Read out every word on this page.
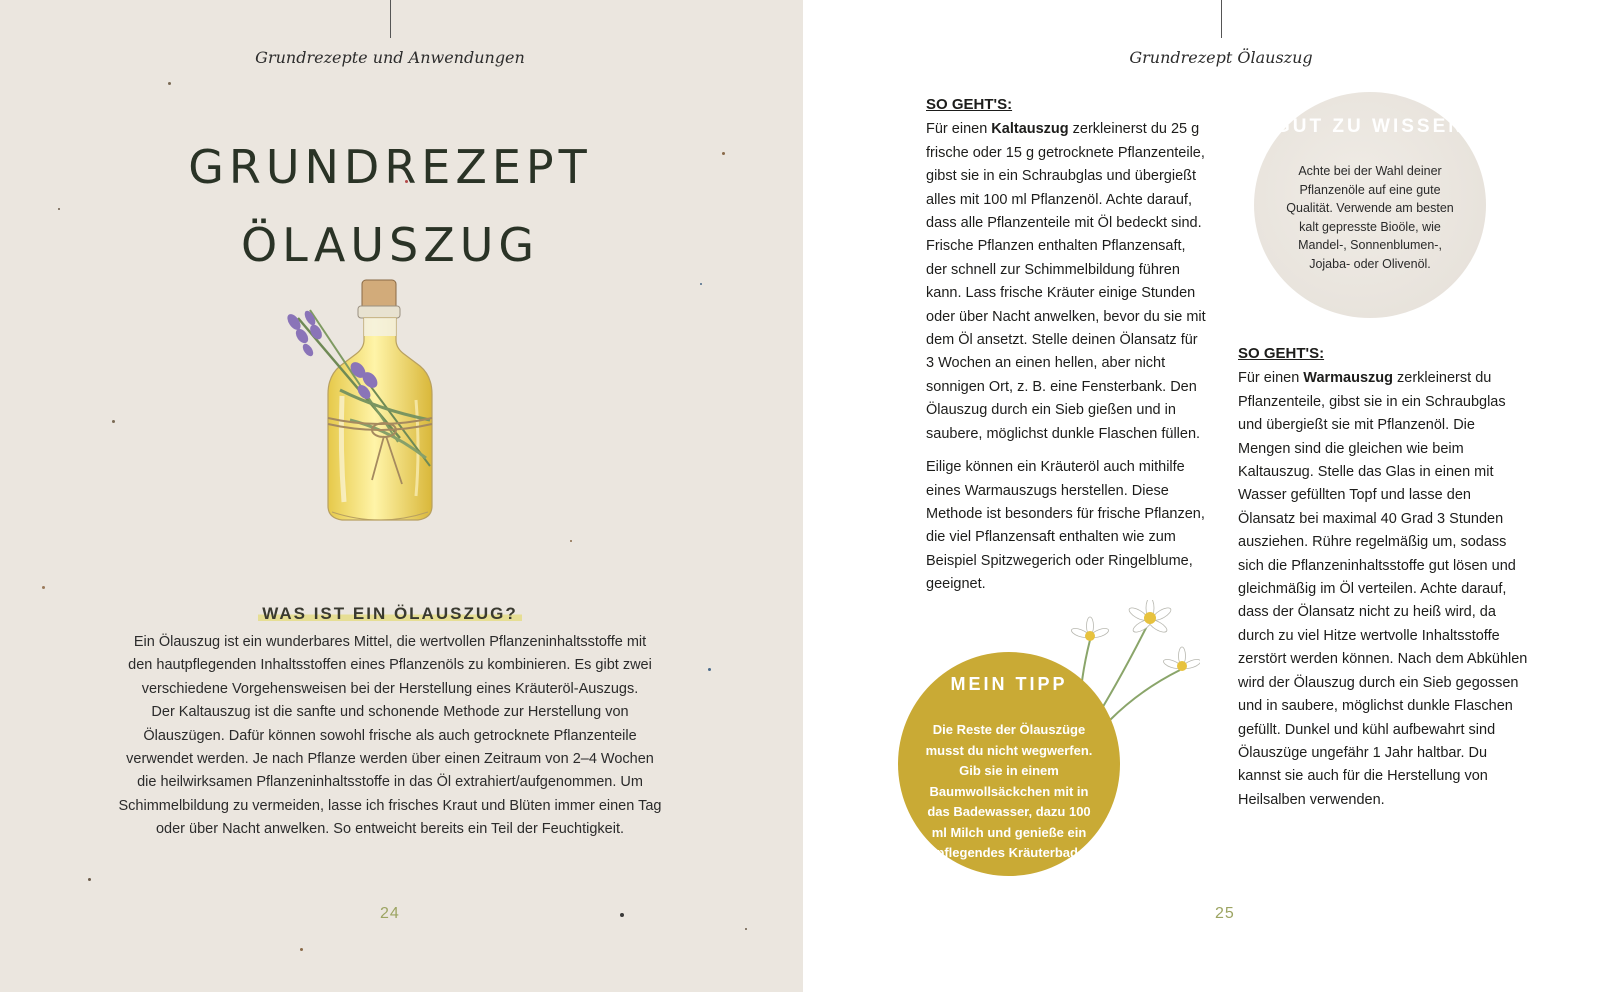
Grundrezepte und Anwendungen
GRUNDREZEPT
ÖLAUSZUG
WAS IST EIN ÖLAUSZUG?

Ein Ölauszug ist ein wunderbares Mittel, die wertvollen Pflanzeninhaltsstoffe mit

den hautpflegenden Inhaltsstoffen eines Pflanzenöls zu kombinieren. Es gibt zwei

verschiedene Vorgehensweisen bei der Herstellung eines Kräuteröl-Auszugs.

Der Kaltauszug ist die sanfte und schonende Methode zur Herstellung von

Ölauszügen. Dafür können sowohl frische als auch getrocknete Pflanzenteile

verwendet werden. Je nach Pflanze werden über einen Zeitraum von 2–4 Wochen

die heilwirksamen Pflanzeninhaltsstoffe in das Öl extrahiert/aufgenommen. Um

Schimmelbildung zu vermeiden, lasse ich frisches Kraut und Blüten immer einen Tag

oder über Nacht anwelken. So entweicht bereits ein Teil der Feuchtigkeit.

24
Grundrezept Ölauszug
25
SO GEHT'S:

Für einen Kaltauszug zerkleinerst du 25 g frische oder 15 g getrocknete Pflanzenteile, gibst sie in ein Schraubglas und übergießt alles mit 100 ml Pflanzenöl. Achte darauf, dass alle Pflanzenteile mit Öl bedeckt sind. Frische Pflanzen enthalten Pflanzensaft, der schnell zur Schimmelbildung führen kann. Lass frische Kräuter einige Stunden oder über Nacht anwelken, bevor du sie mit dem Öl ansetzt. Stelle deinen Ölansatz für 3 Wochen an einen hellen, aber nicht sonnigen Ort, z. B. eine Fensterbank. Den Ölauszug durch ein Sieb gießen und in saubere, möglichst dunkle Flaschen füllen.

Eilige können ein Kräuteröl auch mithilfe eines Warmauszugs herstellen. Diese Methode ist besonders für frische Pflanzen, die viel Pflanzensaft enthalten wie zum Beispiel Spitzwegerich oder Ringelblume, geeignet.

GUT ZU WISSEN
Achte bei der Wahl deiner Pflanzenöle auf eine gute Qualität. Verwende am besten kalt gepresste Bioöle, wie Mandel-, Sonnenblumen-, Jojaba- oder Olivenöl.
SO GEHT'S:

Für einen Warmauszug zerkleinerst du Pflanzenteile, gibst sie in ein Schraubglas und übergießt sie mit Pflanzenöl. Die Mengen sind die gleichen wie beim Kaltauszug. Stelle das Glas in einen mit Wasser gefüllten Topf und lasse den Ölansatz bei maximal 40 Grad 3 Stunden ausziehen. Rühre regelmäßig um, sodass sich die Pflanzeninhaltsstoffe gut lösen und gleichmäßig im Öl verteilen. Achte darauf, dass der Ölansatz nicht zu heiß wird, da durch zu viel Hitze wertvolle Inhaltsstoffe zerstört werden können. Nach dem Abkühlen wird der Ölauszug durch ein Sieb gegossen und in saubere, möglichst dunkle Flaschen gefüllt. Dunkel und kühl aufbewahrt sind Ölauszüge ungefähr 1 Jahr haltbar. Du kannst sie auch für die Herstellung von Heilsalben verwenden.

MEIN TIPP
Die Reste der Ölauszüge musst du nicht wegwerfen. Gib sie in einem Baumwollsäckchen mit in das Badewasser, dazu 100 ml Milch und genieße ein pflegendes Kräuterbad.
